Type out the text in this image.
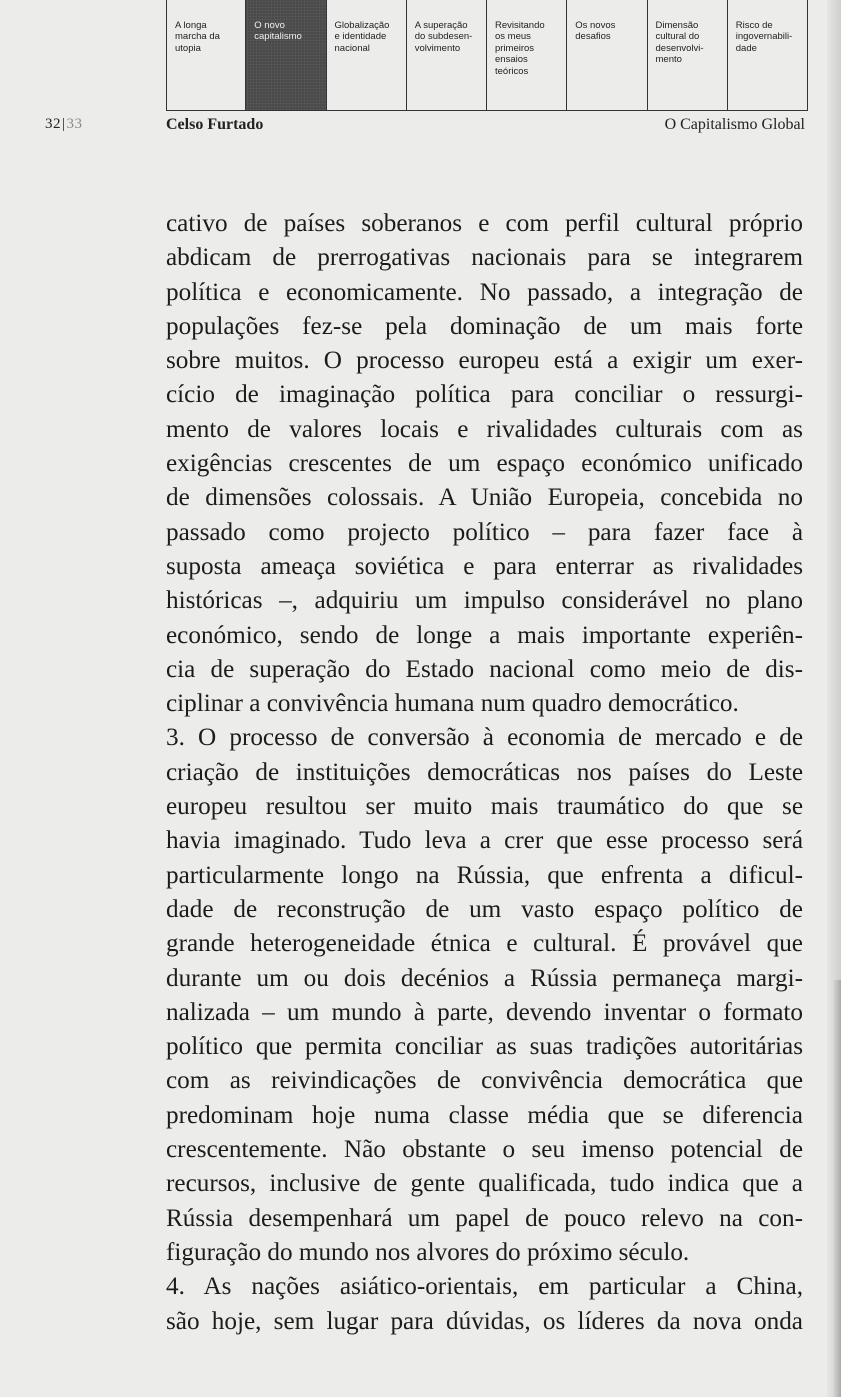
A longa
marcha da
utopia
O novo
capitalismo
Globalização
e identidade
nacional
A superação
do subdesen-
volvimento
Revisitando
os meus
primeiros
ensaios
teóricos
Os novos
desafios
Dimensão
cultural do
desenvolvi-
mento
Risco de
ingovernabili-
dade
32|33	Celso Furtado	O Capitalismo Global
cativo de países soberanos e com perfil cultural próprio
abdicam de prerrogativas nacionais para se integrarem
política e economicamente. No passado, a integração de
populações fez-se pela dominação de um mais forte
sobre muitos. O processo europeu está a exigir um exer-
cício de imaginação política para conciliar o ressurgi-
mento de valores locais e rivalidades culturais com as
exigências crescentes de um espaço económico unificado
de dimensões colossais. A União Europeia, concebida no
passado como projecto político – para fazer face à
suposta ameaça soviética e para enterrar as rivalidades
históricas –, adquiriu um impulso considerável no plano
económico, sendo de longe a mais importante experiên-
cia de superação do Estado nacional como meio de dis-
ciplinar a convivência humana num quadro democrático.
3. O processo de conversão à economia de mercado e de
criação de instituições democráticas nos países do Leste
europeu resultou ser muito mais traumático do que se
havia imaginado. Tudo leva a crer que esse processo será
particularmente longo na Rússia, que enfrenta a dificul-
dade de reconstrução de um vasto espaço político de
grande heterogeneidade étnica e cultural. É provável que
durante um ou dois decénios a Rússia permaneça margi-
nalizada – um mundo à parte, devendo inventar o formato
político que permita conciliar as suas tradições autoritárias
com as reivindicações de convivência democrática que
predominam hoje numa classe média que se diferencia
crescentemente. Não obstante o seu imenso potencial de
recursos, inclusive de gente qualificada, tudo indica que a
Rússia desempenhará um papel de pouco relevo na con-
figuração do mundo nos alvores do próximo século.
4. As nações asiático-orientais, em particular a China,
são hoje, sem lugar para dúvidas, os líderes da nova onda
